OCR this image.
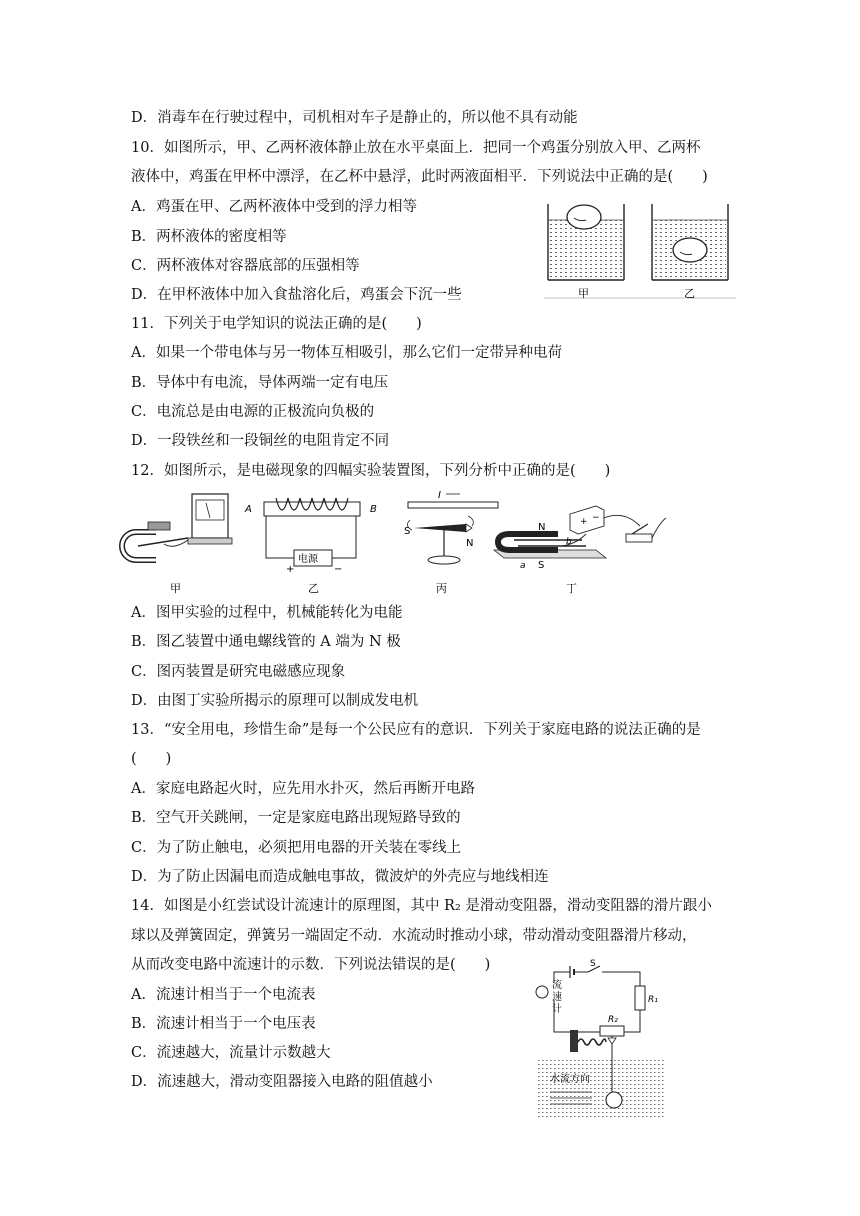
D．消毒车在行驶过程中，司机相对车子是静止的，所以他不具有动能
10．如图所示，甲、乙两杯液体静止放在水平桌面上．把同一个鸡蛋分别放入甲、乙两杯
液体中，鸡蛋在甲杯中漂浮，在乙杯中悬浮，此时两液面相平．下列说法中正确的是(　　)
A．鸡蛋在甲、乙两杯液体中受到的浮力相等
B．两杯液体的密度相等
C．两杯液体对容器底部的压强相等
D．在甲杯液体中加入食盐溶化后，鸡蛋会下沉一些	甲	乙
11．下列关于电学知识的说法正确的是(　　)
A．如果一个带电体与另一物体互相吸引，那么它们一定带异种电荷
B．导体中有电流，导体两端一定有电压
C．电流总是由电源的正极流向负极的
D．一段铁丝和一段铜丝的电阻肯定不同
12．如图所示，是电磁现象的四幅实验装置图，下列分析中正确的是(　　)
甲
A	B
电源
+	−
乙
I
S
N
丙
N
S
a
b
+ −
丁
A．图甲实验的过程中，机械能转化为电能
B．图乙装置中通电螺线管的 A 端为 N 极
C．图丙装置是研究电磁感应现象
D．由图丁实验所揭示的原理可以制成发电机
13．“安全用电，珍惜生命”是每一个公民应有的意识．下列关于家庭电路的说法正确的是
(　　)
A．家庭电路起火时，应先用水扑灭，然后再断开电路
B．空气开关跳闸，一定是家庭电路出现短路导致的
C．为了防止触电，必须把用电器的开关装在零线上
D．为了防止因漏电而造成触电事故，微波炉的外壳应与地线相连
14．如图是小红尝试设计流速计的原理图，其中 R₂ 是滑动变阻器，滑动变阻器的滑片跟小
球以及弹簧固定，弹簧另一端固定不动．水流动时推动小球，带动滑动变阻器滑片移动，
从而改变电路中流速计的示数．下列说法错误的是(　　)
A．流速计相当于一个电流表
B．流速计相当于一个电压表
C．流速越大，流量计示数越大
D．流速越大，滑动变阻器接入电路的阻值越小	水流方向
S
R₁
R₂
流
速
计
